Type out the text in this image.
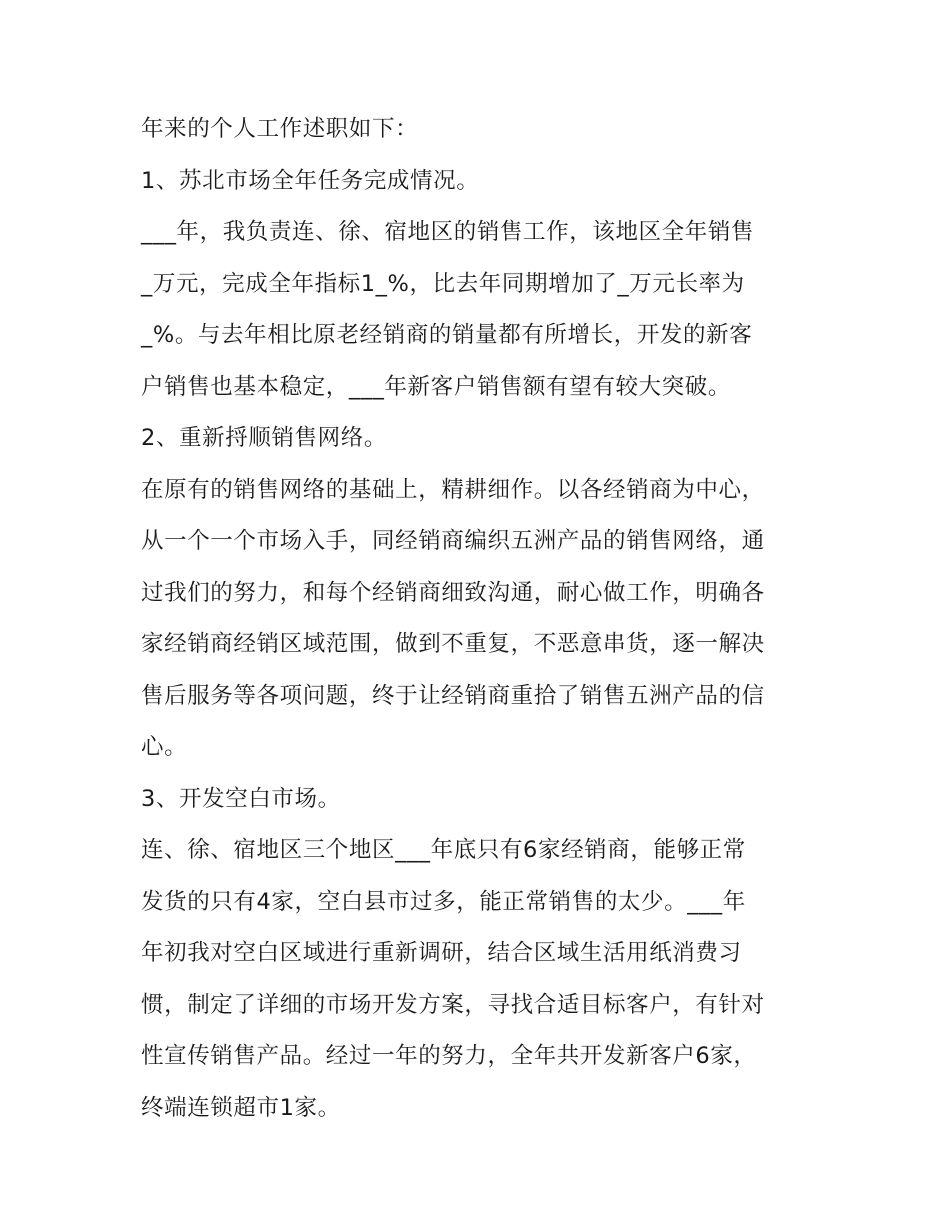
年来的个人工作述职如下：
1、苏北市场全年任务完成情况。
___年，我负责连、徐、宿地区的销售工作，该地区全年销售
_万元，完成全年指标1_%，比去年同期增加了_万元长率为
_%。与去年相比原老经销商的销量都有所增长，开发的新客
户销售也基本稳定，___年新客户销售额有望有较大突破。
2、重新捋顺销售网络。
在原有的销售网络的基础上，精耕细作。以各经销商为中心，
从一个一个市场入手，同经销商编织五洲产品的销售网络，通
过我们的努力，和每个经销商细致沟通，耐心做工作，明确各
家经销商经销区域范围，做到不重复，不恶意串货，逐一解决
售后服务等各项问题，终于让经销商重拾了销售五洲产品的信
心。
3、开发空白市场。
连、徐、宿地区三个地区___年底只有6家经销商，能够正常
发货的只有4家，空白县市过多，能正常销售的太少。___年
年初我对空白区域进行重新调研，结合区域生活用纸消费习
惯，制定了详细的市场开发方案，寻找合适目标客户，有针对
性宣传销售产品。经过一年的努力，全年共开发新客户6家，
终端连锁超市1家。
